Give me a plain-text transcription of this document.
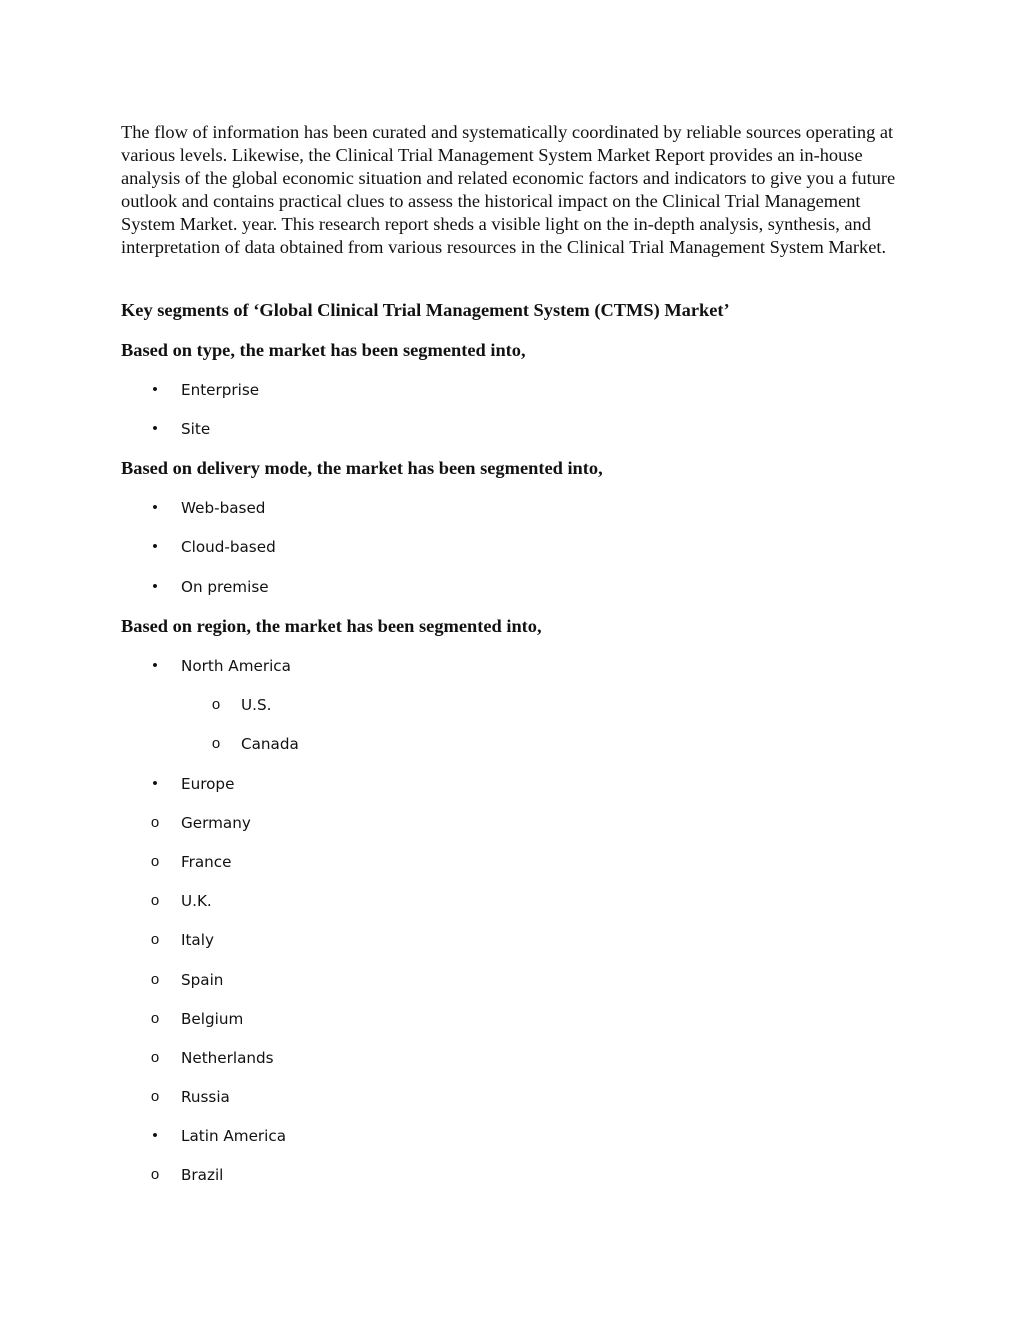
The flow of information has been curated and systematically coordinated by reliable sources operating at various levels. Likewise, the Clinical Trial Management System Market Report provides an in-house analysis of the global economic situation and related economic factors and indicators to give you a future outlook and contains practical clues to assess the historical impact on the Clinical Trial Management System Market. year. This research report sheds a visible light on the in-depth analysis, synthesis, and interpretation of data obtained from various resources in the Clinical Trial Management System Market.

Key segments of ‘Global Clinical Trial Management System (CTMS) Market’
Based on type, the market has been segmented into,
•	Enterprise
•	Site
Based on delivery mode, the market has been segmented into,
•	Web-based
•	Cloud-based
•	On premise
Based on region, the market has been segmented into,
•	North America
o	U.S.
o	Canada
•	Europe
o	Germany
o	France
o	U.K.
o	Italy
o	Spain
o	Belgium
o	Netherlands
o	Russia
•	Latin America
o	Brazil
